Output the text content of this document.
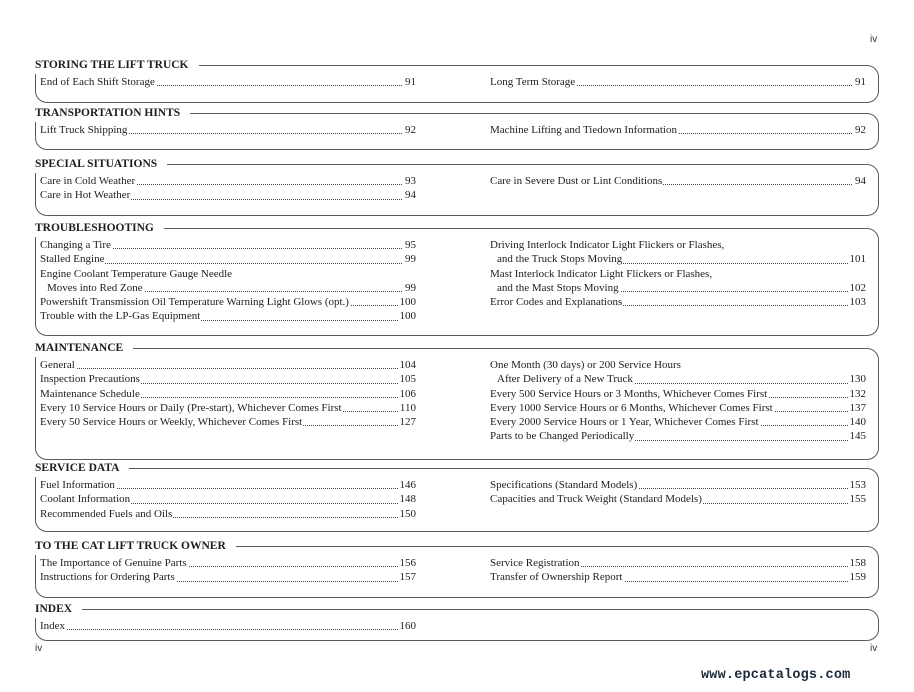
iv
STORING THE LIFT TRUCK
End of Each Shift Storage	91	Long Term Storage	91
TRANSPORTATION HINTS
Lift Truck Shipping	92	Machine Lifting and Tiedown Information	92
SPECIAL SITUATIONS
Care in Cold Weather	93
Care in Hot Weather	94
Care in Severe Dust or Lint Conditions	94
TROUBLESHOOTING
Changing a Tire	95
Stalled Engine	99
Engine Coolant Temperature Gauge Needle
Moves into Red Zone	99
Powershift Transmission Oil Temperature Warning Light Glows (opt.)	100
Trouble with the LP-Gas Equipment	100
Driving Interlock Indicator Light Flickers or Flashes,
and the Truck Stops Moving	101
Mast Interlock Indicator Light Flickers or Flashes,
and the Mast Stops Moving	102
Error Codes and Explanations	103
MAINTENANCE
General	104
Inspection Precautions	105
Maintenance Schedule	106
Every 10 Service Hours or Daily (Pre-start), Whichever Comes First	110
Every 50 Service Hours or Weekly, Whichever Comes First	127
One Month (30 days) or 200 Service Hours
After Delivery of a New Truck	130
Every 500 Service Hours or 3 Months, Whichever Comes First	132
Every 1000 Service Hours or 6 Months, Whichever Comes First	137
Every 2000 Service Hours or 1 Year, Whichever Comes First	140
Parts to be Changed Periodically	145
SERVICE DATA
Fuel Information	146
Coolant Information	148
Recommended Fuels and Oils	150
Specifications (Standard Models)	153
Capacities and Truck Weight (Standard Models)	155
TO THE CAT LIFT TRUCK OWNER
The Importance of Genuine Parts	156
Instructions for Ordering Parts	157
Service Registration	158
Transfer of Ownership Report	159
INDEX
Index	160
iv	iv
www.epcatalogs.com
